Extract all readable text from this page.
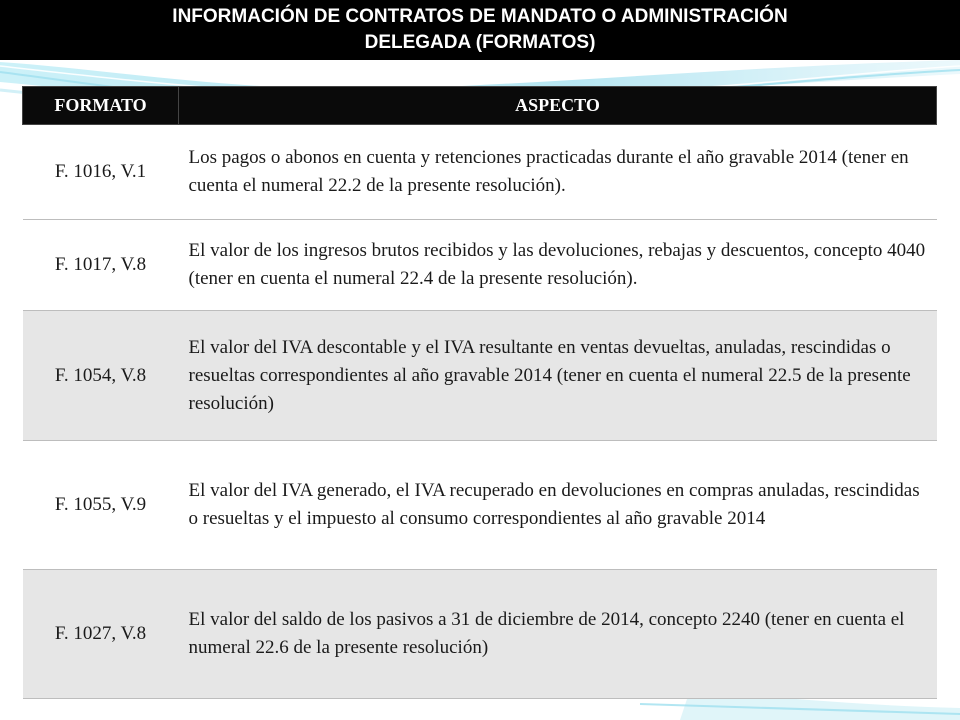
INFORMACIÓN DE CONTRATOS DE MANDATO O ADMINISTRACIÓN
DELEGADA (FORMATOS)
FORMATO	ASPECTO
F. 1016, V.1	Los pagos o abonos en cuenta y retenciones practicadas durante el año gravable 2014 (tener en cuenta el numeral 22.2 de la presente resolución).
F. 1017, V.8	El valor de los ingresos brutos recibidos y las devoluciones, rebajas y descuentos, concepto 4040 (tener en cuenta el numeral 22.4 de la presente resolución).
F. 1054, V.8	El valor del IVA descontable y el IVA resultante en ventas devueltas, anuladas, rescindidas o resueltas correspondientes al año gravable 2014 (tener en cuenta el numeral 22.5 de la presente resolución)
F. 1055, V.9	El valor del IVA generado, el IVA recuperado en devoluciones en compras anuladas, rescindidas o resueltas y el impuesto al consumo correspondientes al año gravable 2014
F. 1027, V.8	El valor del saldo de los pasivos a 31 de diciembre de 2014, concepto 2240 (tener en cuenta el numeral 22.6 de la presente resolución)
